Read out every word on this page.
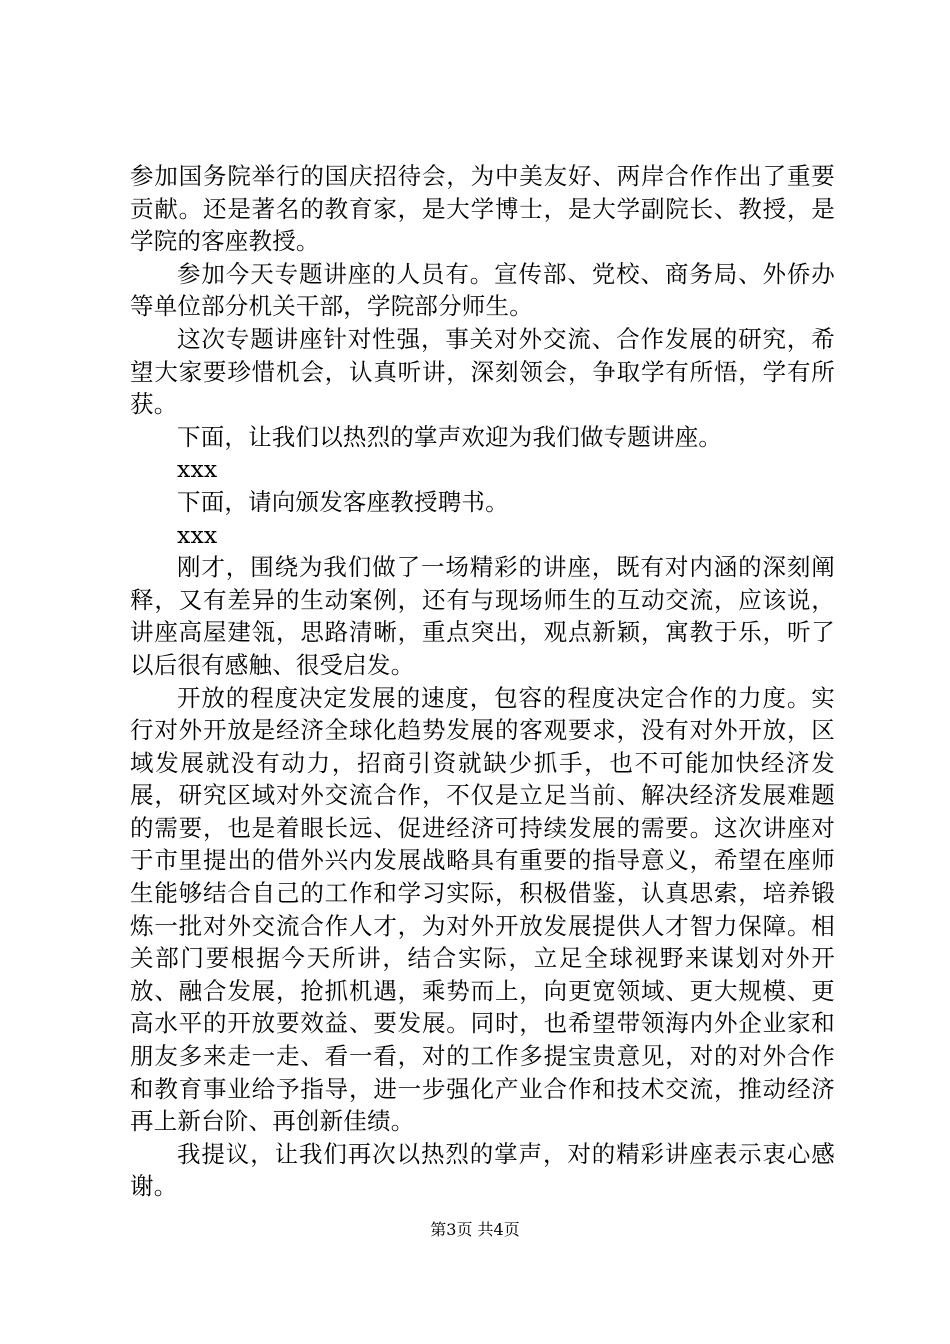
参加国务院举行的国庆招待会，为中美友好、两岸合作作出了重要贡献。还是著名的教育家，是大学博士，是大学副院长、教授，是学院的客座教授。

参加今天专题讲座的人员有。宣传部、党校、商务局、外侨办等单位部分机关干部，学院部分师生。

这次专题讲座针对性强，事关对外交流、合作发展的研究，希望大家要珍惜机会，认真听讲，深刻领会，争取学有所悟，学有所获。

下面，让我们以热烈的掌声欢迎为我们做专题讲座。

xxx

下面，请向颁发客座教授聘书。

xxx

刚才，围绕为我们做了一场精彩的讲座，既有对内涵的深刻阐释，又有差异的生动案例，还有与现场师生的互动交流，应该说，讲座高屋建瓴，思路清晰，重点突出，观点新颖，寓教于乐，听了以后很有感触、很受启发。

开放的程度决定发展的速度，包容的程度决定合作的力度。实行对外开放是经济全球化趋势发展的客观要求，没有对外开放，区域发展就没有动力，招商引资就缺少抓手，也不可能加快经济发展，研究区域对外交流合作，不仅是立足当前、解决经济发展难题的需要，也是着眼长远、促进经济可持续发展的需要。这次讲座对于市里提出的借外兴内发展战略具有重要的指导意义，希望在座师生能够结合自己的工作和学习实际，积极借鉴，认真思索，培养锻炼一批对外交流合作人才，为对外开放发展提供人才智力保障。相关部门要根据今天所讲，结合实际，立足全球视野来谋划对外开放、融合发展，抢抓机遇，乘势而上，向更宽领域、更大规模、更高水平的开放要效益、要发展。同时，也希望带领海内外企业家和朋友多来走一走、看一看，对的工作多提宝贵意见，对的对外合作和教育事业给予指导，进一步强化产业合作和技术交流，推动经济再上新台阶、再创新佳绩。

我提议，让我们再次以热烈的掌声，对的精彩讲座表示衷心感谢。

第3页 共4页
